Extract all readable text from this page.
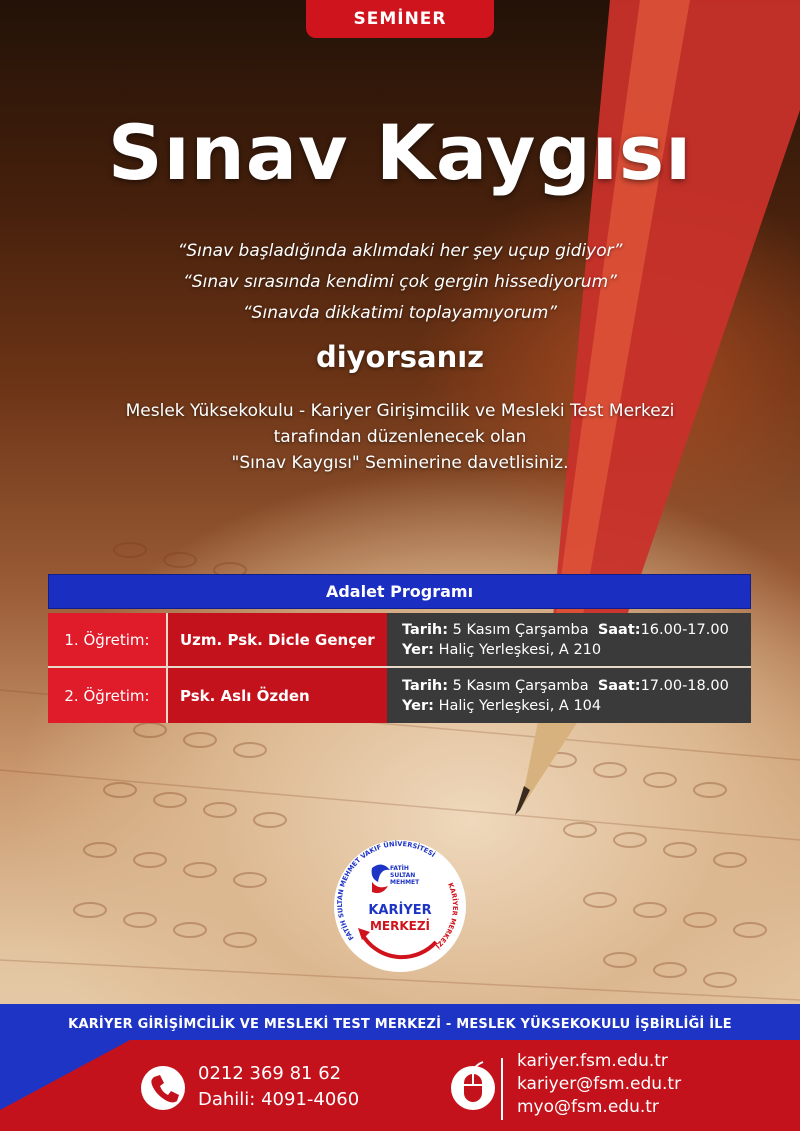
SEMİNER
Sınav Kaygısı
“Sınav başladığında aklımdaki her şey uçup gidiyor”
“Sınav sırasında kendimi çok gergin hissediyorum”
“Sınavda dikkatimi toplayamıyorum”
diyorsanız
Meslek Yüksekokulu - Kariyer Girişimcilik ve Mesleki Test Merkezi
tarafından düzenlenecek olan
"Sınav Kaygısı" Seminerine davetlisiniz.
Adalet Programı
1. Öğretim:	Uzm. Psk. Dicle Gençer
Tarih: 5 Kasım Çarşamba Saat:16.00-17.00
Yer: Haliç Yerleşkesi, A 210
2. Öğretim:	Psk. Aslı Özden
Tarih: 5 Kasım Çarşamba Saat:17.00-18.00
Yer: Haliç Yerleşkesi, A 104
FATİH SULTAN MEHMET VAKIF ÜNİVERSİTESİ
KARİYER MERKEZİ
FATİH
SULTAN
MEHMET
KARİYER
MERKEZİ
KARİYER GİRİŞİMCİLİK VE MESLEKİ TEST MERKEZİ - MESLEK YÜKSEKOKULU İŞBİRLİĞİ İLE
0212 369 81 62
Dahili: 4091-4060
kariyer.fsm.edu.tr
kariyer@fsm.edu.tr
myo@fsm.edu.tr
